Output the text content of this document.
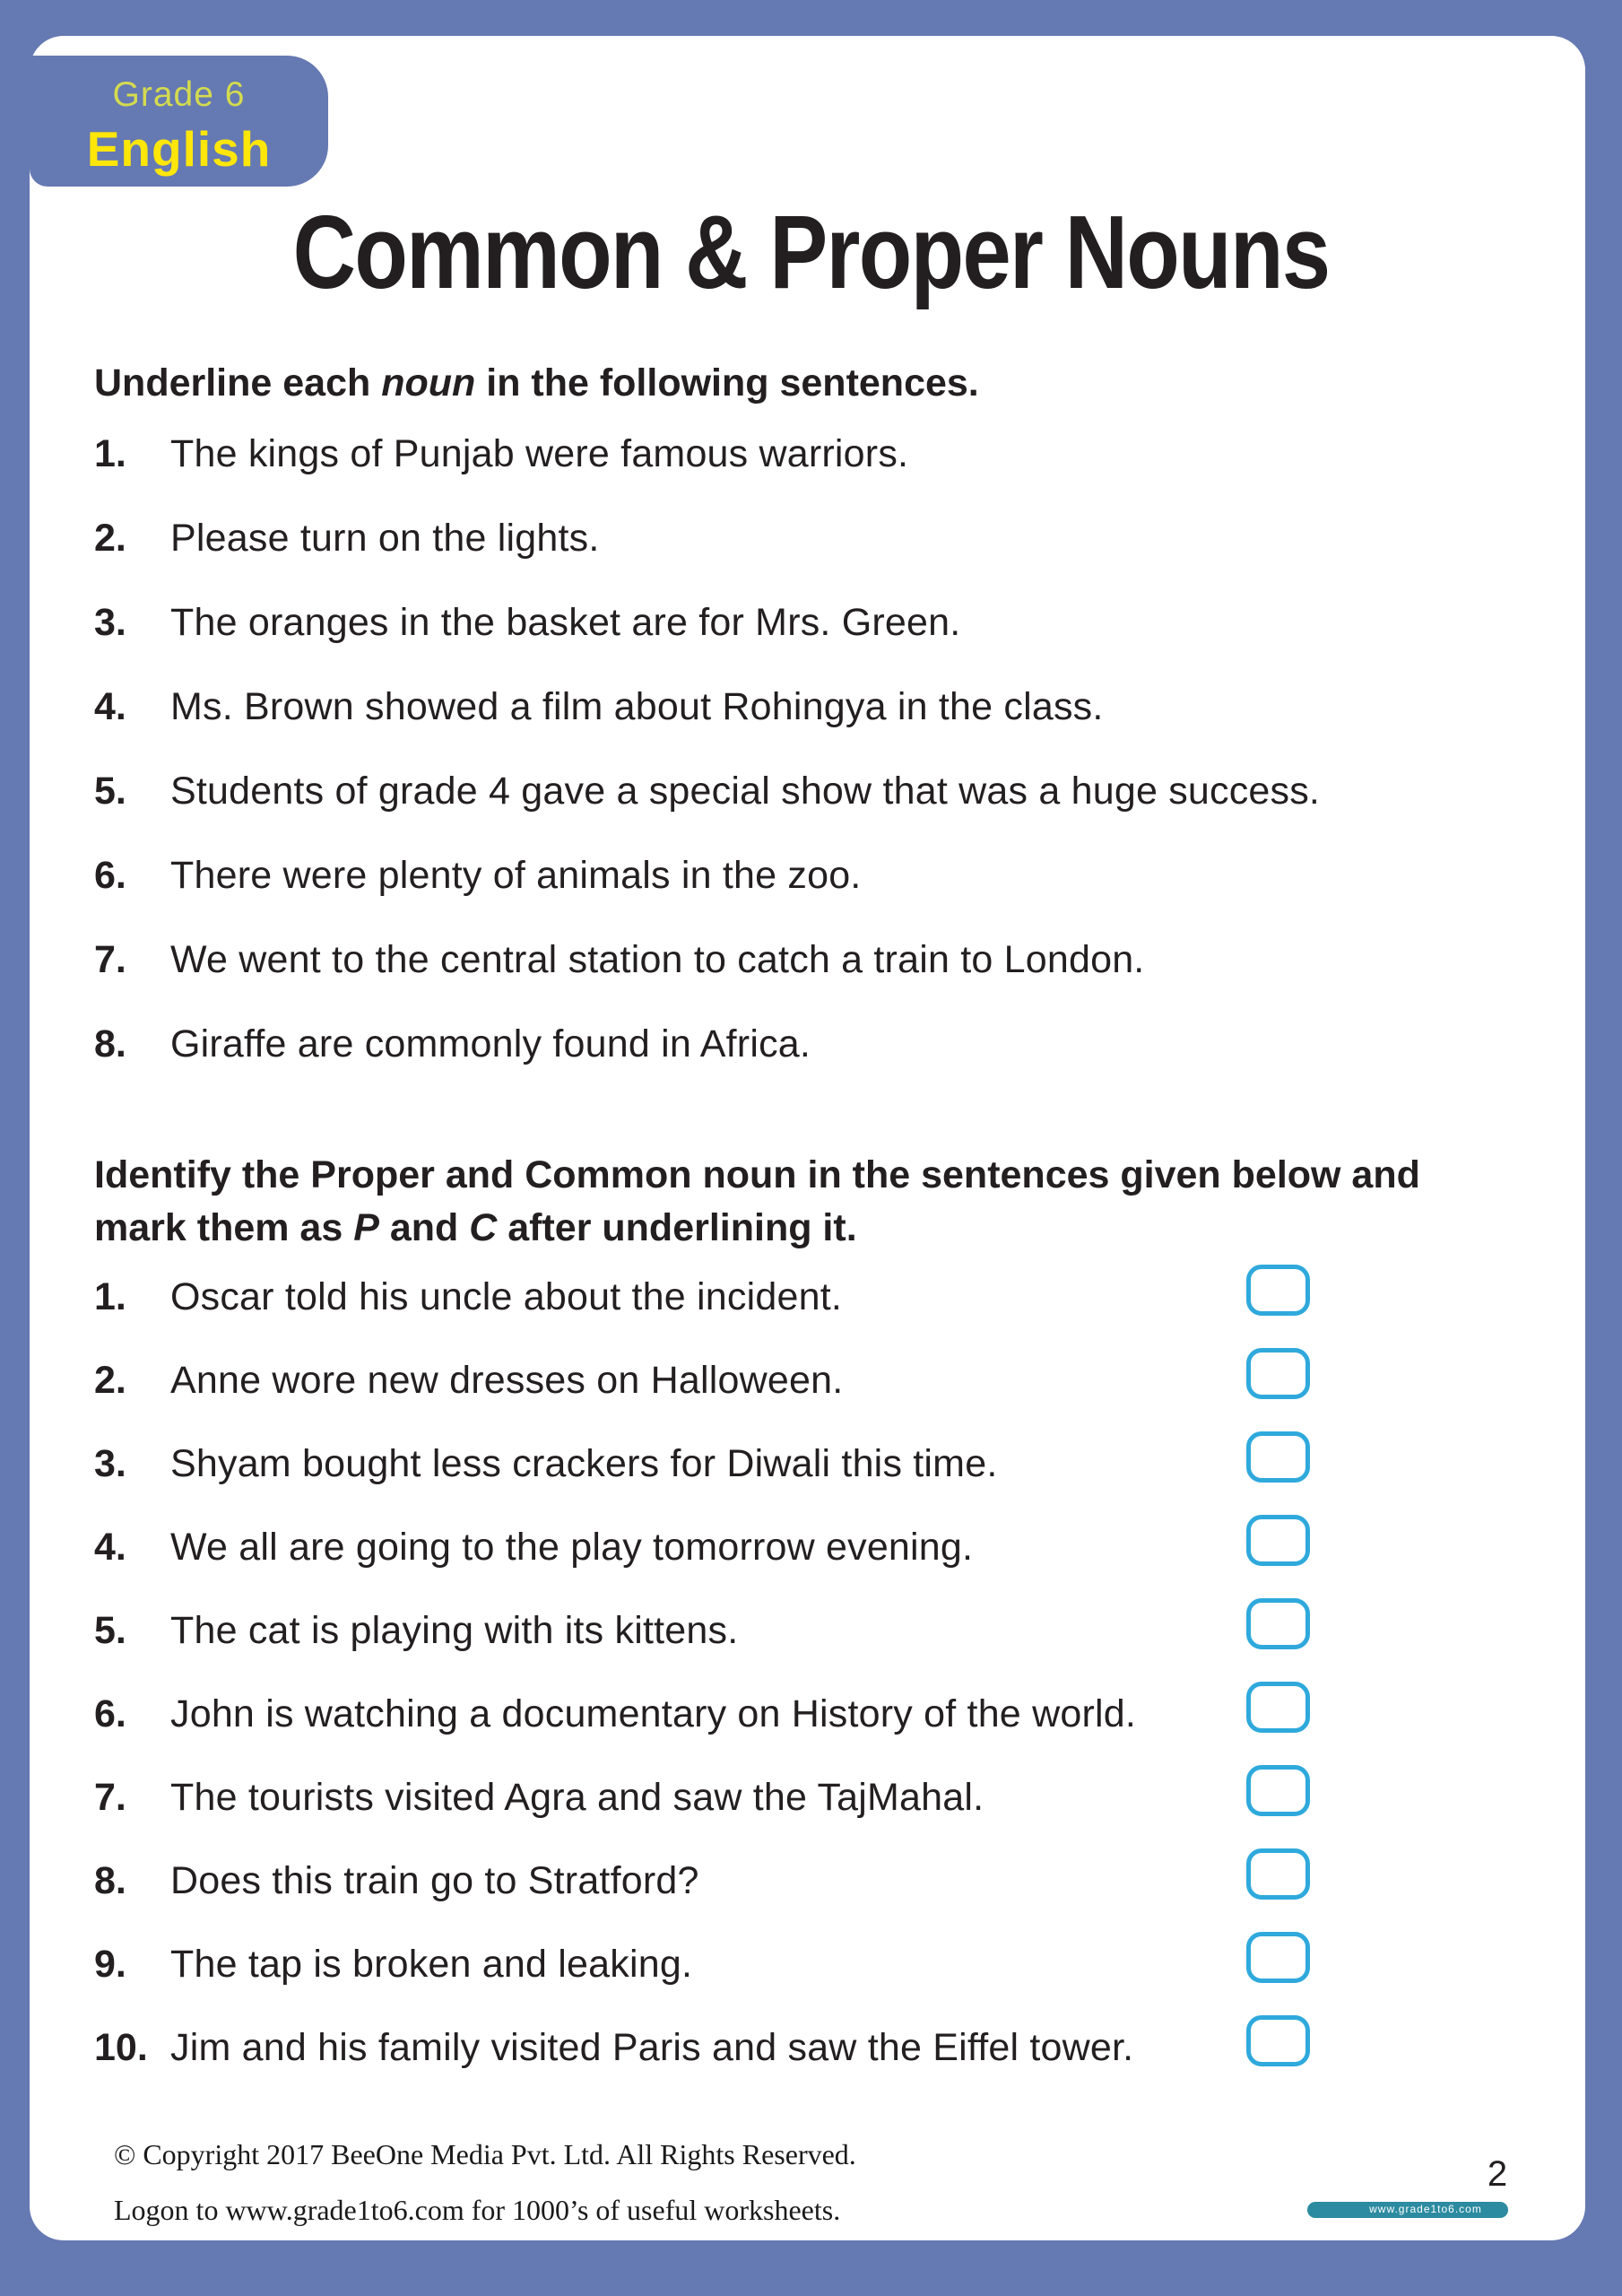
Grade 6
English
Common & Proper Nouns
Underline each noun in the following sentences.
1. The kings of Punjab were famous warriors.
2. Please turn on the lights.
3. The oranges in the basket are for Mrs. Green.
4. Ms. Brown showed a film about Rohingya in the class.
5. Students of grade 4 gave a special show that was a huge success.
6. There were plenty of animals in the zoo.
7. We went to the central station to catch a train to London.
8. Giraffe are commonly found in Africa.
Identify the Proper and Common noun in the sentences given below and mark them as P and C after underlining it.
1. Oscar told his uncle about the incident.
2. Anne wore new dresses on Halloween.
3. Shyam bought less crackers for Diwali this time.
4. We all are going to the play tomorrow evening.
5. The cat is playing with its kittens.
6. John is watching a documentary on History of the world.
7. The tourists visited Agra and saw the TajMahal.
8. Does this train go to Stratford?
9. The tap is broken and leaking.
10. Jim and his family visited Paris and saw the Eiffel tower.
© Copyright 2017 BeeOne Media Pvt. Ltd. All Rights Reserved.
Logon to www.grade1to6.com for 1000’s of useful worksheets.
2
www.grade1to6.com
